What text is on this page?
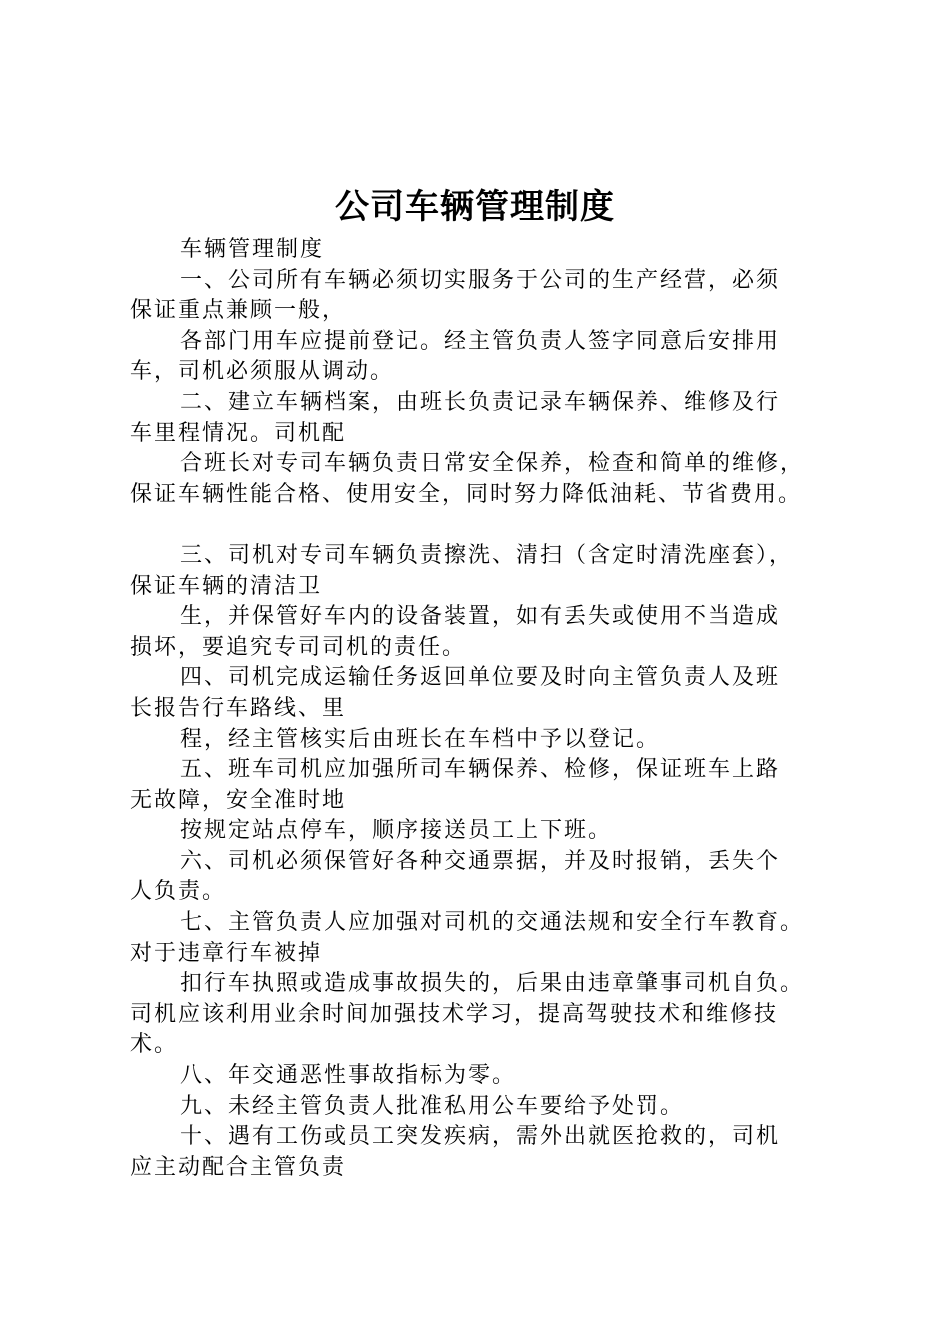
公司车辆管理制度

车辆管理制度

一、公司所有车辆必须切实服务于公司的生产经营，必须

保证重点兼顾一般，

各部门用车应提前登记。经主管负责人签字同意后安排用

车，司机必须服从调动。

二、建立车辆档案，由班长负责记录车辆保养、维修及行

车里程情况。司机配

合班长对专司车辆负责日常安全保养，检查和简单的维修，

保证车辆性能合格、使用安全，同时努力降低油耗、节省费用。

三、司机对专司车辆负责擦洗、清扫（含定时清洗座套），

保证车辆的清洁卫

生，并保管好车内的设备装置，如有丢失或使用不当造成

损坏，要追究专司司机的责任。

四、司机完成运输任务返回单位要及时向主管负责人及班

长报告行车路线、里

程，经主管核实后由班长在车档中予以登记。

五、班车司机应加强所司车辆保养、检修，保证班车上路

无故障，安全准时地

按规定站点停车，顺序接送员工上下班。

六、司机必须保管好各种交通票据，并及时报销，丢失个

人负责。

七、主管负责人应加强对司机的交通法规和安全行车教育。

对于违章行车被掉

扣行车执照或造成事故损失的，后果由违章肇事司机自负。

司机应该利用业余时间加强技术学习，提高驾驶技术和维修技

术。

八、年交通恶性事故指标为零。

九、未经主管负责人批准私用公车要给予处罚。

十、遇有工伤或员工突发疾病，需外出就医抢救的，司机

应主动配合主管负责
